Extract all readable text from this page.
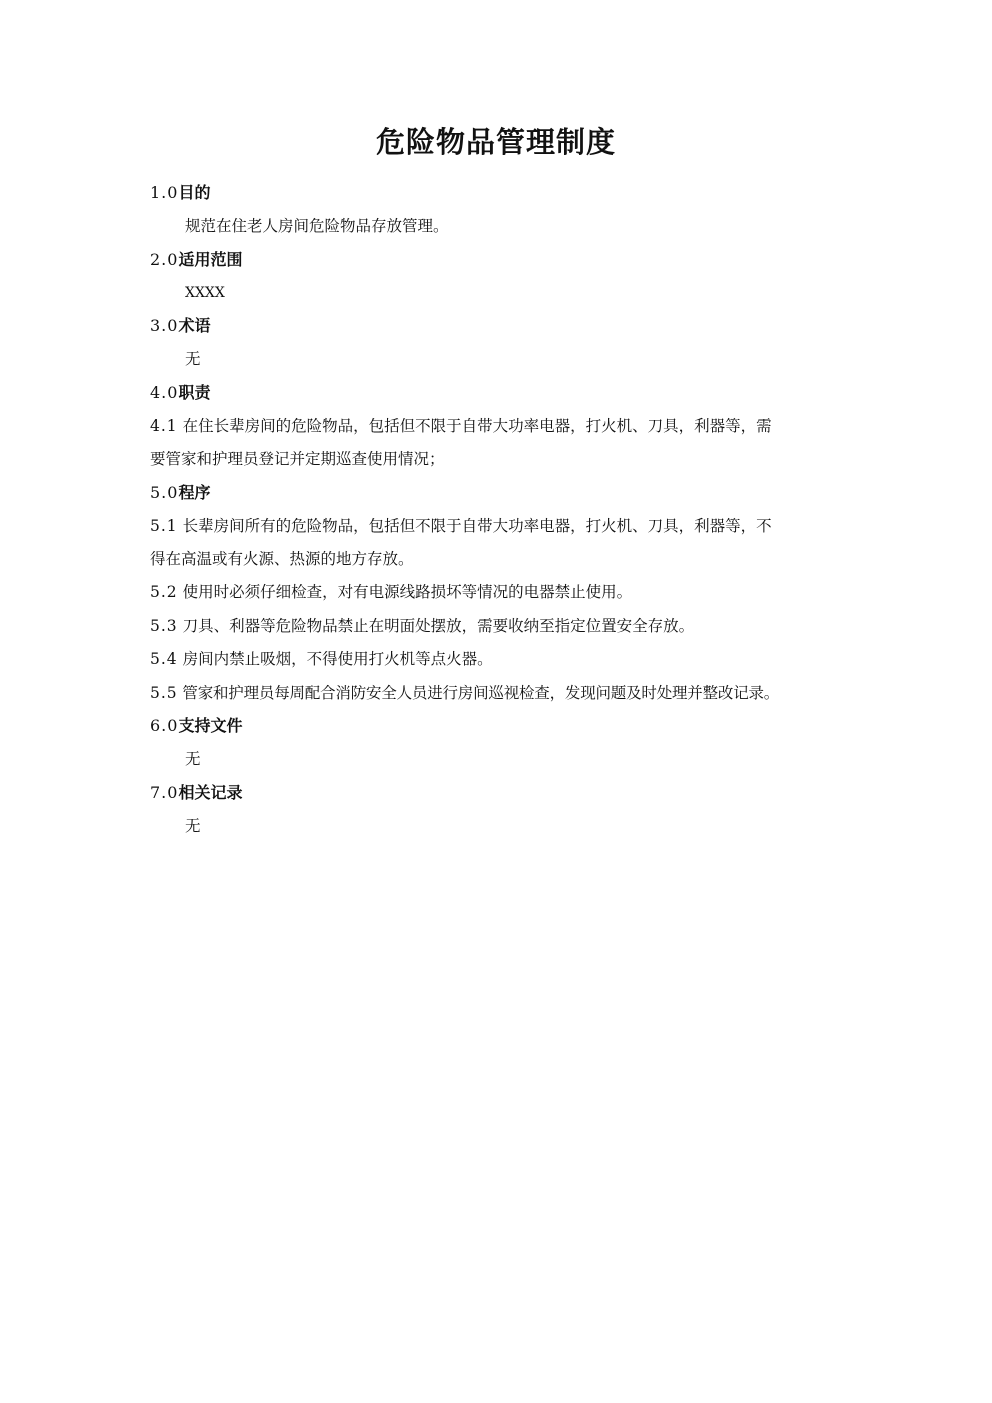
危险物品管理制度
1.0目的
规范在住老人房间危险物品存放管理。
2.0适用范围
XXXX
3.0术语
无
4.0职责
4.1 在住长辈房间的危险物品，包括但不限于自带大功率电器，打火机、刀具，利器等，需
要管家和护理员登记并定期巡查使用情况；
5.0程序
5.1 长辈房间所有的危险物品，包括但不限于自带大功率电器，打火机、刀具，利器等，不
得在高温或有火源、热源的地方存放。
5.2 使用时必须仔细检查，对有电源线路损坏等情况的电器禁止使用。
5.3 刀具、利器等危险物品禁止在明面处摆放，需要收纳至指定位置安全存放。
5.4 房间内禁止吸烟，不得使用打火机等点火器。
5.5 管家和护理员每周配合消防安全人员进行房间巡视检查，发现问题及时处理并整改记录。
6.0支持文件
无
7.0相关记录
无
